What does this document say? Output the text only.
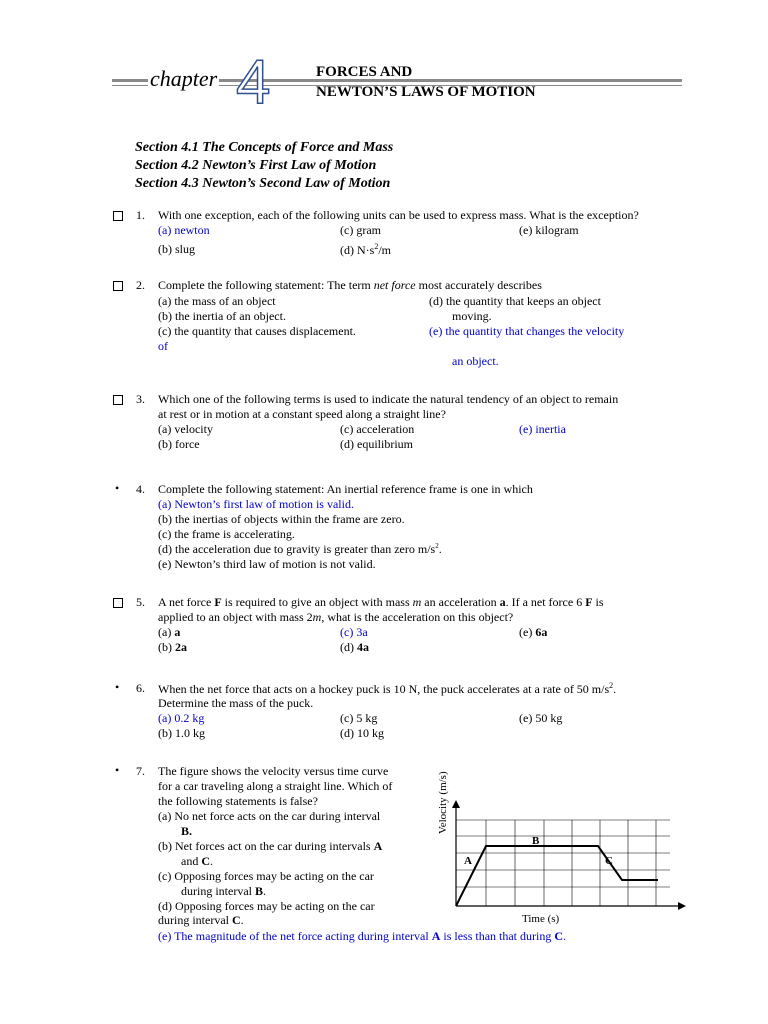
chapter 4	FORCES AND
NEWTON’S LAWS OF MOTION
Section 4.1 The Concepts of Force and Mass
Section 4.2 Newton’s First Law of Motion
Section 4.3 Newton’s Second Law of Motion
1. With one exception, each of the following units can be used to express mass. What is the exception?
(a) newton	(c) gram	(e) kilogram
(b) slug	(d) $N\cdot s^2/m$
2. Complete the following statement: The term net force most accurately describes
(a) the mass of an object
(b) the inertia of an object.
(c) the quantity that causes displacement.
(d) the quantity that keeps an object
moving.
(e) the quantity that changes the velocity
of
an object.
3. Which one of the following terms is used to indicate the natural tendency of an object to remain
at rest or in motion at a constant speed along a straight line?
(a) velocity	(c) acceleration	(e) inertia
(b) force	(d) equilibrium
• 4. Complete the following statement: An inertial reference frame is one in which
(a) Newton’s first law of motion is valid.
(b) the inertias of objects within the frame are zero.
(c) the frame is accelerating.
(d) the acceleration due to gravity is greater than zero $m/s^2$.
(e) Newton’s third law of motion is not valid.
5. A net force F is required to give an object with mass m an acceleration a. If a net force 6 F is
applied to an object with mass 2m, what is the acceleration on this object?
(a) a	(c) 3a	(e) 6a
(b) 2a	(d) 4a
• 6. When the net force that acts on a hockey puck is 10 N, the puck accelerates at a rate of 50 $m/s^2$.
Determine the mass of the puck.
(a) 0.2 kg	(c) 5 kg	(e) 50 kg
(b) 1.0 kg	(d) 10 kg
• 7. The figure shows the velocity versus time curve
for a car traveling along a straight line. Which of
the following statements is false?
(a) No net force acts on the car during interval
B.
(b) Net forces act on the car during intervals A
and C.
(c) Opposing forces may be acting on the car
during interval B.
(d) Opposing forces may be acting on the car
during interval C.
(e) The magnitude of the net force acting during interval A is less than that during C.
A
B
C
Velocity (m/s)
Time (s)
